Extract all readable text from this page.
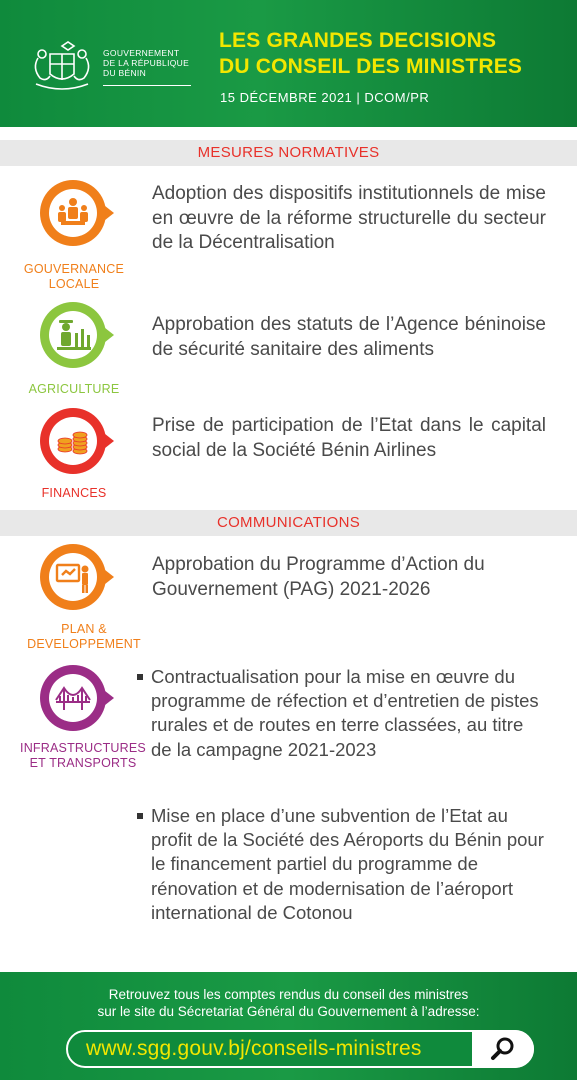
GOUVERNEMENT
DE LA RÉPUBLIQUE
DU BÉNIN
LES GRANDES DECISIONS
DU CONSEIL DES MINISTRES
15 DÉCEMBRE 2021 | DCOM/PR
MESURES NORMATIVES
GOUVERNANCE
LOCALE
Adoption des dispositifs institutionnels de mise en œuvre de la réforme structurelle du secteur de la Décentralisation
AGRICULTURE
Approbation des statuts de l’Agence béninoise de sécurité sanitaire des aliments
FINANCES
Prise de participation de l’Etat dans le capital social de la Société Bénin Airlines
COMMUNICATIONS
PLAN &
DEVELOPPEMENT
Approbation du Programme d’Action du Gouvernement (PAG) 2021-2026
INFRASTRUCTURES
ET TRANSPORTS
Contractualisation pour la mise en œuvre du programme de réfection et d’entretien de pistes rurales et de routes en terre classées, au titre de la campagne 2021-2023
Mise en place d’une subvention de l’Etat au profit de la Société des Aéroports du Bénin pour le financement partiel du programme de rénovation et de modernisation de l’aéroport international de Cotonou
Retrouvez tous les comptes rendus du conseil des ministres
sur le site du Sécretariat Général du Gouvernement à l’adresse:
www.sgg.gouv.bj/conseils-ministres
